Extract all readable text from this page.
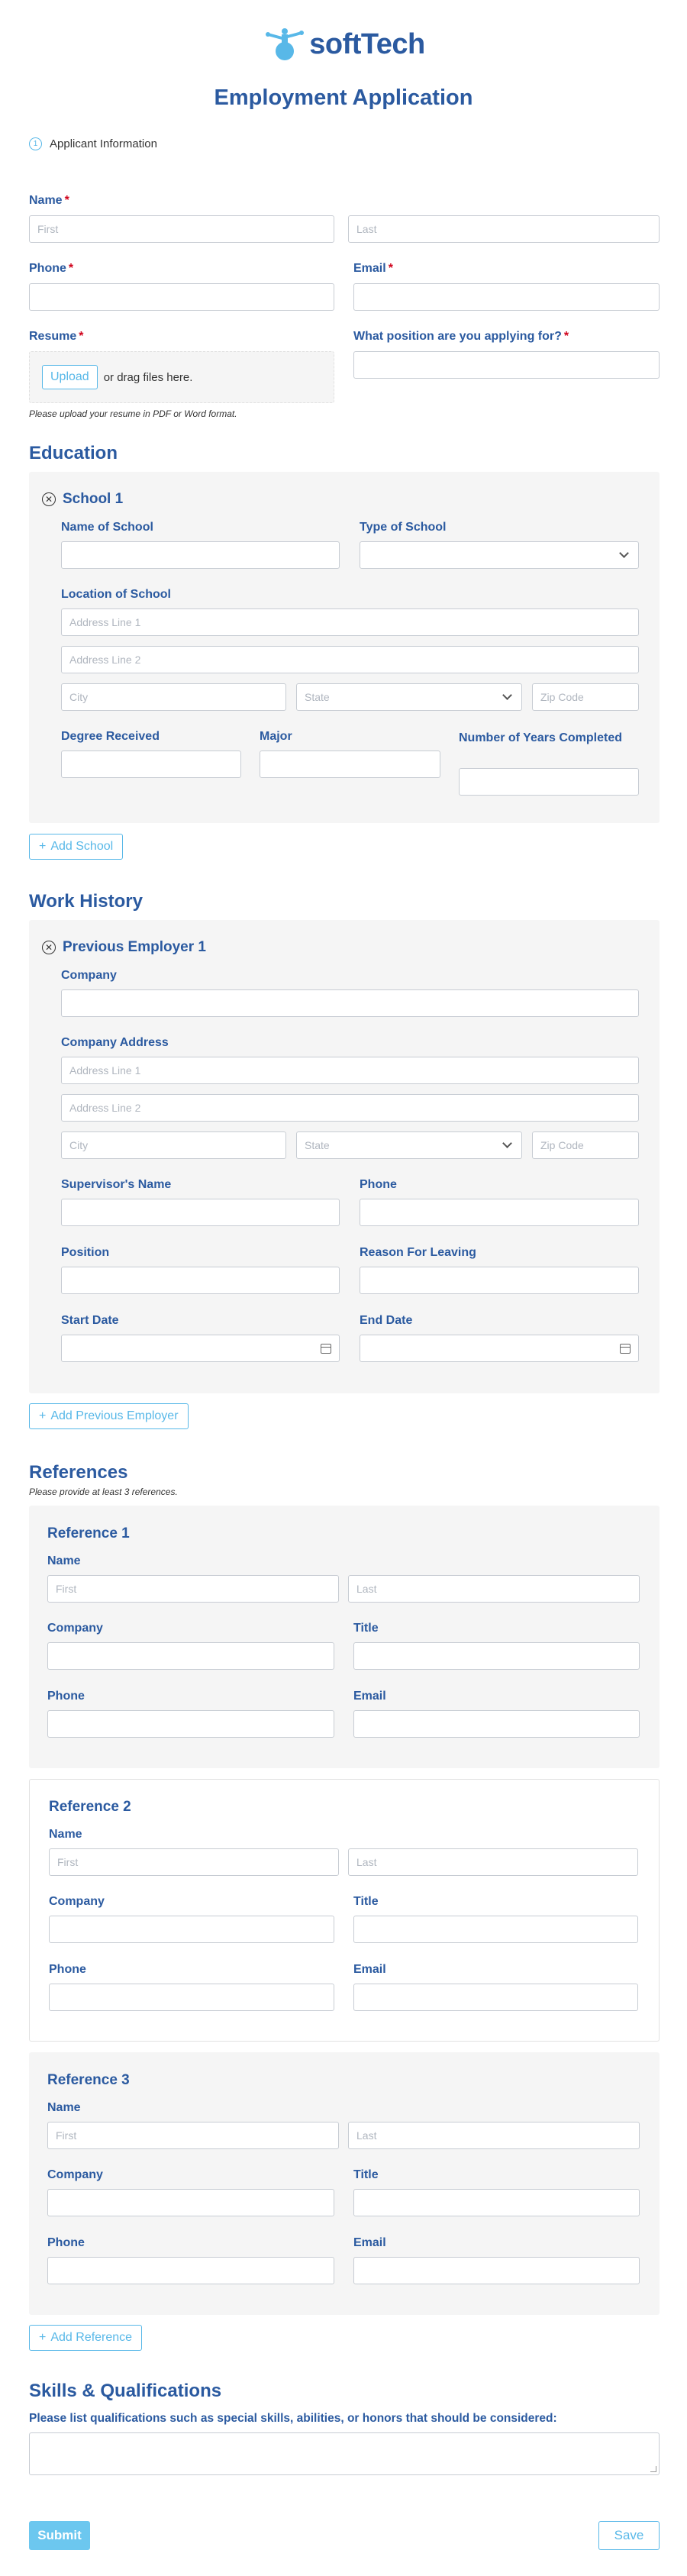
softTech
Employment Application
1	Applicant Information
Name *
First	Last
Phone *	Email *
Resume *
Upload	or drag files here.
Please upload your resume in PDF or Word format.
What position are you applying for? *
Education
✕ School 1
Name of School	Type of School
Location of School
Address Line 1
Address Line 2
City	State	Zip Code
Degree Received	Major	Number of Years Completed
+ Add School
Work History
✕ Previous Employer 1
Company
Company Address
Address Line 1
Address Line 2
City	State	Zip Code
Supervisor's Name	Phone
Position	Reason For Leaving
Start Date	End Date
+ Add Previous Employer
References
Please provide at least 3 references.
Reference 1
Name
First	Last
Company	Title
Phone	Email
Reference 2
Name
First	Last
Company	Title
Phone	Email
Reference 3
Name
First	Last
Company	Title
Phone	Email
+ Add Reference
Skills & Qualifications
Please list qualifications such as special skills, abilities, or honors that should be considered:
Submit	Save
